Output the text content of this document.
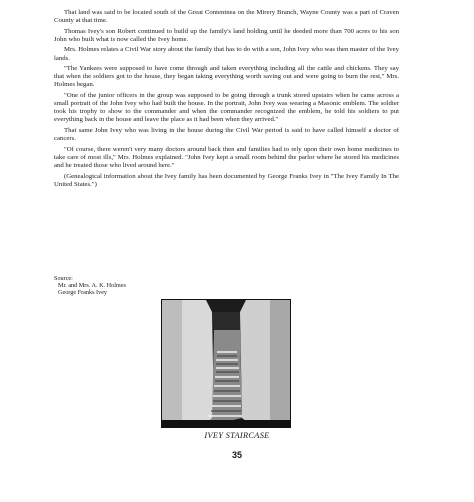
That land was said to be located south of the Great Contentnea on the Mirery Branch, Wayne County was a part of Craven County at that time.

Thomas Ivey's son Robert continued to build up the family's land holding until he deeded more than 700 acres to his son John who built what is now called the Ivey home.

Mrs. Holmes relates a Civil War story about the family that has to do with a son, John Ivey who was then master of the Ivey lands.

"The Yankees were supposed to have come through and taken everything including all the cattle and chickens. They say that when the soldiers got to the house, they began taking everything worth saving out and were going to burn the rest," Mrs. Holmes began.

"One of the junior officers in the group was supposed to be going through a trunk stored upstairs when he came across a small portrait of the John Ivey who had built the house. In the portrait, John Ivey was wearing a Masonic emblem. The soldier took his trophy to show to the commander and when the commander recognized the emblem, he told his soldiers to put everything back in the house and leave the place as it had been when they arrived."

That same John Ivey who was living in the house during the Civil War period is said to have called himself a doctor of cancers.

"Of course, there weren't very many doctors around back then and families had to rely upon their own home medicines to take care of most ills," Mrs. Holmes explained. "John Ivey kept a small room behind the parlor where he stored his medicines and he treated those who lived around here."

(Genealogical information about the Ivey family has been documented by George Franks Ivey in "The Ivey Family In The United States.")

Source:
Mr. and Mrs. A. K. Holmes
George Franks Ivey
IVEY STAIRCASE
35
